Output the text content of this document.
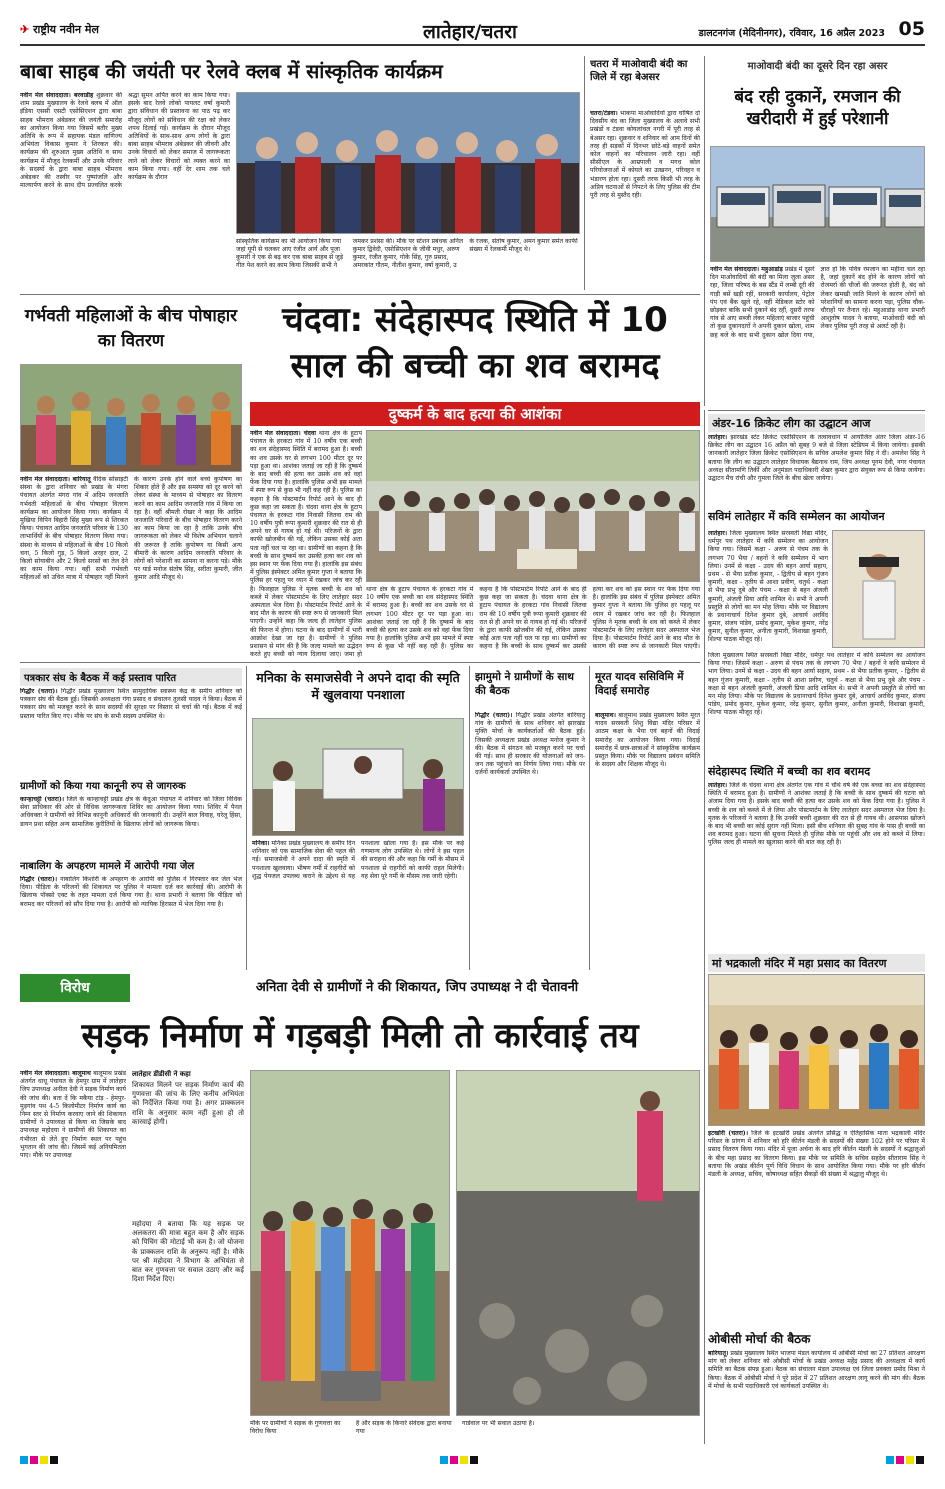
✈ राष्ट्रीय नवीन मेल	लातेहार/चतरा	डालटनगंज (मेदिनीनगर), रविवार, 16 अप्रैल 2023 05
बाबा साहब की जयंती पर रेलवे क्लब में सांस्कृतिक कार्यक्रम
नवीन मेल संवाददाता। बरवाडीह शुक्रवार की शाम प्रखंड मुख्यालय के रेलवे क्लब में ऑल इंडिया एससी एसटी एसोसिएशन द्वारा बाबा साहब भीमराव अंबेडकर की जयंती समारोह का आयोजन किया गया जिसमें बतौर मुख्य अतिथि के रूप में सहायक मंडल वाणिज्य अभियंता विकास कुमार ने शिरकत की। कार्यक्रम की शुरुआत मुख्य अतिथि व साथ कार्यक्रम में मौजूद रेलकर्मी और उनके परिवार के सदस्यों के द्वारा बाबा साहब भीमराव अंबेडकर की तस्वीर पर पुष्पांजलि और माल्यार्पण करने के साथ दीप प्रज्वलित करके श्रद्धा सुमन अर्पित करने का काम किया गया। इसके बाद रेलवे लोको पायलट वर्षा कुमारी द्वारा संविधान की प्रस्तावना का पाठ पढ़ कर मौजूद लोगों को संविधान की रक्षा को लेकर शपथ दिलाई गई। कार्यक्रम के दौरान मौजूद अतिथियों के साथ-साथ अन्य लोगों के द्वारा बाबा साहब भीमराव अंबेडकर की जीवनी और उनके विचारों को लेकर समाज में जागरूकता लाने को लेकर विचारों को व्यक्त करने का काम किया गया। वहीं देर शाम तक चले कार्यक्रम के दौरान
सांस्कृतिक कार्यक्रम का भी आयोजन किया गया जहां यूपी से चलकर आए रंजीत आर्य और पूजा कुमारी ने एक से बढ़ कर एक बाबा साहब से जुड़े गीत पेश करने का काम किया जिसकी सभी ने जमकर प्रशंसा की। मौके पर स्टेशन प्रबंधक अनिल कुमार द्विवेदी, एसोसिएशन के जीवी मधुर, अरुण कुमार, रंजीत कुमार, गोकेे सिंह, गुरु प्रसाद, अमरकांत गौतम, नीतीश कुमार, वर्षा कुमारी, उ के रजक, संतोष कुमार, अमन कुमार समेत काफी संख्या में रेलकर्मी मौजूद थे।
चतरा में माओवादी बंदी का जिले में रहा बेअसर
चतरा/टंडवा। भाकपा माओवादियों द्वारा घोषित दो दिवसीय बंद का जिला मुख्यालय के अलावे सभी प्रखंडों व टंडवा कोयलांचल नगरी में पूरी तरह से बेअसर रहा। शुक्रवार व शनिवार को आम दिनों की तरह ही सड़कों में दिनभर छोटे-बड़े वाहनों समेत कोल वाहनों का परिचालन जारी रहा। वहीं सीसीएल के आम्रपाली व मगध कोल परियोजनाओं में कोयले का उत्खनन, परिवहन व भंडारण होता रहा। दूसरी तरफ किसी भी तरह के अप्रिय घटनाओं से निपटने के लिए पुलिस की टीम पूरी तरह से मुस्तैद रही।
माओवादी बंदी का दूसरे दिन रहा असर
बंद रही दुकानें, रमजान की खरीदारी में हुई परेशानी
नवीन मेल संवाददाता। महुआडांड़ प्रखंड में दूसरे दिन माओवादियों की बंदी का मिला जुला असर रहा, जिला परिषद के बस स्टैंड में लम्बी दूरी की गाड़ी बसें खड़ी रहीं, सरकारी कार्यालय, पेट्रोल पंप एवं बैंक खुले रहे, वहीं मेडिकल स्टोर को छोड़कर बाकि सभी दुकानें बंद रहीं, दूसरी तरफ गांव से आए सब्जी लेकर महिलाएं बाजार पहुंची तो कुछ दुकानदारों ने अपनी दुकान खोला, शाम छह बजे के बाद सभी दुकान खोल दिया गया, ज्ञात हो कि पवित्र रमजान का महीना चल रहा है, जहां दुकानें बंद होने के कारण लोगों को रोजमर्रा की चीजों की जरूरत होती है, बंद को लेकर खमखी जाति मिलने के कारण लोगों को परेशानियों का सामना करना पड़ा, पुलिस चौक-चौराहों पर तैनात रहे। महुआडांड़ थाना प्रभारी आशुतोष यादव ने बताया, माओवादी बंदी को लेकर पुलिस पूरी तरह से अलर्ट रही है।
गर्भवती महिलाओं के बीच पोषाहार का वितरण
नवीन मेल संवाददाता। बारियातू वैदिक सोसाइटी संस्था के द्वारा शनिवार को प्रखंड के मंगरा पंचायत अंतर्गत मंगरा गांव में अदिम जनजाति गर्भवती महिलाओं के बीच पोषाहार वितरण कार्यक्रम का आयोजन किया गया। कार्यक्रम में मुखिया विपिन बिहारी सिंह मुख्य रूप से शिरकत किया। पंचायत आदिम जनजाति परिवार के 130 लाभार्थियों के बीच पोषाहार वितरण किया गया। संस्था के माध्यम से महिलाओं के बीच 10 किलो चना, 5 किलो गुड़, 5 किलो अरहर दाल, 2 किलो सोयाबीन और 2 किलो सरसों का तेल देने का काम किया गया। वहीं सभी गर्भवती महिलाओं को उचित मात्रा में पोषाहार नहीं मिलने के कारण उनके होने वाले बच्चे कुपोषण का शिकार होते हैं और इस समस्या को दूर करने को लेकर संस्था के माध्यम से पोषाहार का वितरण करने का काम आदिम जनजाति गांव में किया जा रहा है। वहीं श्रीमती रोखर ने कहा कि आदिम जनजाति परिवारों के बीच पोषाहार वितरण करने का काम किया जा रहा है ताकि उनके बीच जागरूकता को लेकर भी विशेष अभियान चलाने की जरूरत है ताकि कुपोषण या किसी अन्य बीमारी के कारण आदिम जनजाति परिवार के लोगों को परेशानी का सामना ना करना पड़े। मौके पर यार्ड मनोज संतोष सिंह, सरीता कुमारी, जीत कुमार आदि मौजूद थे।
चंदवा: संदेहास्पद स्थिति में 10 साल की बच्ची का शव बरामद
दुष्कर्म के बाद हत्या की आशंका
नवीन मेल संवाददाता। चंदवा थाना क्षेत्र के हुटाप पंचायत के हरकटा गांव में 10 वर्षीय एक बच्ची का शव संदेहास्पद स्थिति में बरामद हुआ है। बच्ची का शव उसके घर से लगभग 100 मीटर दूर पर पड़ा हुआ था। आशंका जताई जा रही है कि दुष्कर्म के बाद बच्ची की हत्या कर उसके शव को वहां फेंक दिया गया है। हालांकि पुलिस अभी इस मामले में स्पष्ट रूप से कुछ भी नहीं कह रही है। पुलिस का कहना है कि पोस्टमार्टम रिपोर्ट आने के बाद ही कुछ कहा जा सकता है। चंदवा थाना क्षेत्र के हुटाप पंचायत के हरकटा गांव निवासी जितवा राम की 10 वर्षीय पुत्री रूपा कुमारी शुक्रवार की रात से ही अपने घर से गायब हो गई थी। परिजनों के द्वारा काफी खोजबीन की गई, लेकिन उसका कोई अता पता नहीं चल पा रहा था। ग्रामीणों का कहना है कि बच्ची के साथ दुष्कर्म कर उसकी हत्या कर शव को इस स्थान पर फेंक दिया गया है। हालांकि इस संबंध में पुलिस इंस्पेक्टर अमित कुमार गुप्ता ने बताया कि पुलिस हर पहलू पर ध्यान में रखकर जांच कर रही है। फिलहाल पुलिस ने मृतक बच्ची के शव को कब्जे में लेकर पोस्टमार्टम के लिए लातेहार सदर अस्पताल भेज दिया है। पोस्टमार्टम रिपोर्ट आने के बाद मौत के कारण की स्पष्ट रूप से जानकारी मिल पाएगी। उन्होंने कहा कि जल्द ही लातेहार पुलिस की फिरन्त में होगा। घटना के बाद ग्रामीणों में भारी आक्रोश देखा जा रहा है। ग्रामीणों ने पुलिस प्रशासन से मांग की है कि जल्द मामले का उद्भेदन करते हुए बच्ची को न्याय दिलाया जाए। जमा हो
थाना क्षेत्र के हुटाप पंचायत के हरकटा गांव में 10 वर्षीय एक बच्ची का शव संदेहास्पद स्थिति में बरामद हुआ है। बच्ची का शव उसके घर से लगभग 100 मीटर दूर पर पड़ा हुआ था। आशंका जताई जा रही है कि दुष्कर्म के बाद बच्ची की हत्या कर उसके शव को वहां फेंक दिया गया है। हालांकि पुलिस अभी इस मामले में स्पष्ट रूप से कुछ भी नहीं कह रही है। पुलिस का कहना है कि पोस्टमार्टम रिपोर्ट आने के बाद ही कुछ कहा जा सकता है। चंदवा थाना क्षेत्र के हुटाप पंचायत के हरकटा गांव निवासी जितवा राम की 10 वर्षीय पुत्री रूपा कुमारी शुक्रवार की रात से ही अपने घर से गायब हो गई थी। परिजनों के द्वारा काफी खोजबीन की गई, लेकिन उसका कोई अता पता नहीं चल पा रहा था। ग्रामीणों का कहना है कि बच्ची के साथ दुष्कर्म कर उसकी हत्या कर शव को इस स्थान पर फेंक दिया गया है। हालांकि इस संबंध में पुलिस इंस्पेक्टर अमित कुमार गुप्ता ने बताया कि पुलिस हर पहलू पर ध्यान में रखकर जांच कर रही है। फिलहाल पुलिस ने मृतक बच्ची के शव को कब्जे में लेकर पोस्टमार्टम के लिए लातेहार सदर अस्पताल भेज दिया है। पोस्टमार्टम रिपोर्ट आने के बाद मौत के कारण की स्पष्ट रूप से जानकारी मिल पाएगी।
अंडर-16 क्रिकेट लीग का उद्घाटन आज
लातेहार। झारखंड स्टेट क्रिकेट एसोसिएशन के तत्वावधान में आयोजित अंतर जिला अंडर-16 क्रिकेट लीग का उद्घाटन 16 अप्रैल को सुबह 9 बजे से जिला स्टेडियम में किया जायेगा। इसकी जानकारी लातेहार जिला क्रिकेट एसोसिएशन के सचिव अमलेश कुमार सिंह ने दी। अमलेश सिंह ने बताया कि लीग का उद्घाटन लातेहार विधायक बैद्यनाथ राम, जिप अध्यक्ष पूनम देवी, नगर पंचायत अध्यक्ष सीतामणि तिर्की और अनुमंडल पदाधिकारी शेखर कुमार द्वारा संयुक्त रूप से किया जायेगा। उद्घाटन मैच रांची और गुमला जिले के बीच खेला जायेगा।
सविमं लातेहार में कवि सम्मेलन का आयोजन
लातेहार। जिला मुख्यालय स्थित सरस्वती विद्या मंदिर, धर्मपुर पथ लातेहार में कवि सम्मेलन का आयोजन किया गया। जिसमें कक्षा - अरुण से पंचम तक के लगभग 70 भैया / बहनों ने कवि सम्मेलन में भाग लिया। उनमें से कक्षा - उदय की बहन आर्या सहाय, प्रथम - से भैया प्रतीक कुमार, - द्वितीय से बहन गुंजन कुमारी, कक्षा - तृतीय से आशा प्रवीण, चतुर्थ - कक्षा से भैया प्रभु दुबे और पंचम - कक्षा से बहन अंजली कुमारी, अंजली प्रिया आदि शामिल थे। सभी ने अपनी प्रस्तुति से लोगों का मन मोह लिया। मौके पर विद्यालय के प्रधानाचार्य दिनेश कुमार दुबे, आचार्य अरविंद कुमार, संजय पांडेय, प्रमोद कुमार, मुकेश कुमार, नरेंद्र कुमार, सुनील कुमार, अनीता कुमारी, विशाखा कुमारी, शिल्पा पाठक मौजूद रहे।
जिला मुख्यालय स्थित सरस्वती विद्या मंदिर, धर्मपुर पथ लातेहार में कवि सम्मेलन का आयोजन किया गया। जिसमें कक्षा - अरुण से पंचम तक के लगभग 70 भैया / बहनों ने कवि सम्मेलन में भाग लिया। उनमें से कक्षा - उदय की बहन आर्या सहाय, प्रथम - से भैया प्रतीक कुमार, - द्वितीय से बहन गुंजन कुमारी, कक्षा - तृतीय से आशा प्रवीण, चतुर्थ - कक्षा से भैया प्रभु दुबे और पंचम - कक्षा से बहन अंजली कुमारी, अंजली प्रिया आदि शामिल थे। सभी ने अपनी प्रस्तुति से लोगों का मन मोह लिया। मौके पर विद्यालय के प्रधानाचार्य दिनेश कुमार दुबे, आचार्य अरविंद कुमार, संजय पांडेय, प्रमोद कुमार, मुकेश कुमार, नरेंद्र कुमार, सुनील कुमार, अनीता कुमारी, विशाखा कुमारी, शिल्पा पाठक मौजूद रहे।
संदेहास्पद स्थिति में बच्ची का शव बरामद
लातेहार। जिले के चंदवा थाना क्षेत्र अंतर्गत एक गांव में चौथे वर्ष की एक बच्चा का शव संदेहास्पद स्थिति में बरामद हुआ है। ग्रामीणों ने आशंका जताई है कि बच्ची के साथ दुष्कर्म की घटना को अंजाम दिया गया है। इसके बाद बच्ची की हत्या कर उसके शव को फेंक दिया गया है। पुलिस ने बच्ची के शव को कब्जे में ले लिया और पोस्टमार्टम के लिए लातेहार सदर अस्पताल भेज दिया है। मृतक के परिजनों ने बताया है कि उनकी बच्ची शुक्रवार की रात से ही गायब थी। आसपास खोजने के बाद भी बच्ची का कोई सुराग नहीं मिला। इसी बीच शनिवार की सुबह गांव के पास ही बच्ची का शव बरामद हुआ। घटना की सूचना मिलते ही पुलिस मौके पर पहुंची और शव को कब्जे में लिया। पुलिस जल्द ही मामले का खुलासा करने की बात कह रही है।
मां भद्रकाली मंदिर में महा प्रसाद का वितरण
इटखोरी (चतरा)। जिले के इटखोरी प्रखंड अंतर्गत प्रसिद्ध व ऐतिहासिक माता भद्रकाली मंदिर परिसर के प्रांगण में शनिवार को हरि कीर्तन मंडली के सदस्यों की संख्या 102 होने पर परिसर में प्रसाद वितरण किया गया। मंदिर में पूजा अर्चना के बाद हरि कीर्तन मंडली के सदस्यों ने श्रद्धालुओं के बीच महा प्रसाद का वितरण किया। इस मौके पर समिति के सचिव सहदेव सीताराम सिंह ने बताया कि अखंड कीर्तन पूर्ण विधि विधान के साथ आयोजित किया गया। मौके पर हरि कीर्तन मंडली के अध्यक्ष, सचिव, कोषाध्यक्ष सहित सैकड़ों की संख्या में श्रद्धालु मौजूद थे।
ओबीसी मोर्चा की बैठक
बारियातू। प्रखंड मुख्यालय स्थित भाजपा मंडल कार्यालय में ओबीसी मोर्चा का 27 प्रतिशत आरक्षण मांग को लेकर शनिवार को ओबीसी मोर्चा के प्रखंड अध्यक्ष महेंद्र प्रसाद की अध्यक्षता में कार्य समिति का बैठक संपन्न हुआ। बैठक का संचालन मंडल उपाध्यक्ष एवं जिला प्रवक्ता प्रमोद मिश्रा ने किया। बैठक में ओबीसी मोर्चा ने पूरे प्रदेश में 27 प्रतिशत आरक्षण लागू करने की मांग की। बैठक में मोर्चा के सभी पदाधिकारी एवं कार्यकर्ता उपस्थित थे।
पत्रकार संघ के बैठक में कई प्रस्ताव पारित
गिद्धौर (चतरा)। गिद्धौर प्रखंड मुख्यालय स्थित सामुदायिक स्वास्थ्य केंद्र के समीप शनिवार को पत्रकार संघ की बैठक हुई। जिसकी अध्यक्षता गंगा प्रसाद व संचालन तुलसी यादव ने किया। बैठक में पत्रकार संघ को मजबूत करने के साथ सदस्यों की सुरक्षा पर विस्तार से चर्चा की गई। बैठक में कई प्रस्ताव पारित किए गए। मौके पर संघ के सभी सदस्य उपस्थित थे।
ग्रामीणों को किया गया कानूनी रुप से जागरुक
कान्हाचट्टी (चतरा)। जिले के कान्हाचट्टी प्रखंड क्षेत्र के केंदुआ पंचायत में शनिवार को जिला विधिक सेवा प्राधिकार की ओर से विधिक जागरूकता शिविर का आयोजन किया गया। शिविर में पैनल अधिवक्ता ने ग्रामीणों को विभिन्न कानूनी अधिकारों की जानकारी दी। उन्होंने बाल विवाह, घरेलू हिंसा, डायन प्रथा सहित अन्य सामाजिक कुरीतियों के खिलाफ लोगों को जागरूक किया।
नाबालिग के अपहरण मामले में आरोपी गया जेल
गिद्धौर (चतरा)। नाबालिग किशोरी के अपहरण के आरोपी को पुलिस ने गिरफ्तार कर जेल भेज दिया। पीड़िता के परिजनों की शिकायत पर पुलिस ने मामला दर्ज कर कार्रवाई की। आरोपी के खिलाफ पॉक्सो एक्ट के तहत मामला दर्ज किया गया है। थाना प्रभारी ने बताया कि पीड़िता को बरामद कर परिजनों को सौंप दिया गया है। आरोपी को न्यायिक हिरासत में भेज दिया गया है।
मनिका के समाजसेवी ने अपने दादा की स्मृति में खुलवाया पनशाला
मनिका। मनिका प्रखंड मुख्यालय के समीप दिन शनिवार को एक सामाजिक सेवा की पहल की गई। समाजसेवी ने अपने दादा की स्मृति में पनशाला खुलवाया। भीषण गर्मी में राहगीरों को शुद्ध पेयजल उपलब्ध कराने के उद्देश्य से यह पनशाला खोला गया है। इस मौके पर कई गणमान्य लोग उपस्थित थे। लोगों ने इस पहल की सराहना की और कहा कि गर्मी के मौसम में पनशाला से राहगीरों को काफी राहत मिलेगी। यह सेवा पूरे गर्मी के मौसम तक जारी रहेगी।
झामुमो ने ग्रामीणों के साथ की बैठक
गिद्धौर (चतरा)। गिद्धौर प्रखंड अंतर्गत बारियातू गांव के ग्रामीणों के साथ शनिवार को झारखंड मुक्ति मोर्चा के कार्यकर्ताओं की बैठक हुई। जिसकी अध्यक्षता प्रखंड अध्यक्ष मनोज कुमार ने की। बैठक में संगठन को मजबूत करने पर चर्चा की गई। साथ ही सरकार की योजनाओं को जन-जन तक पहुंचाने का निर्णय लिया गया। मौके पर दर्जनों कार्यकर्ता उपस्थित थे।
मूरत यादव ससिविमि में विदाई समारोह
बालूमाथ। बालूमाथ प्रखंड मुख्यालय स्थित मूरत यादव सरस्वती शिशु विद्या मंदिर परिसर में आठम कक्षा के भैया एवं बहनों की विदाई समारोह का आयोजन किया गया। विदाई समारोह में छात्र-छात्राओं ने सांस्कृतिक कार्यक्रम प्रस्तुत किया। मौके पर विद्यालय प्रबंधन समिति के सदस्य और शिक्षक मौजूद थे।
विरोध	अनिता देवी से ग्रामीणों ने की शिकायत, जिप उपाध्यक्ष ने दी चेतावनी
सड़क निर्माण में गड़बड़ी मिली तो कार्रवाई तय
नवीन मेल संवाददाता। बालूमाथ बालूमाथ प्रखंड अंतर्गत धाधू पंचायत के हेमपुर ग्राम में लातेहार जिप उपाध्यक्ष अनीता देवी ने सड़क निर्माण कार्य की जांच की। बता दें कि मकैया टांड़ - हेमपुर- मुड़गांव पथ 4-5 किलोमीटर निर्माण कार्य का निम्न स्तर से निर्माण करवाए जाने की शिकायत ग्रामीणों ने उपाध्यक्ष से किया था जिसके बाद उपाध्यक्ष महोदया ने ग्रामीणों की शिकायत का गंभीरता से लेते हुए निर्माण स्थल पर पहुंच भुगतान की जांच की। जिसमें कई अनियमितता पाए। मौके पर उपाध्यक्ष
लातेहार डीडीसी ने कहा
शिकायत मिलने पर सड़क निर्माण कार्य की गुणवत्ता की जांच के लिए कनीय अभियंता को निर्देशित किया गया है। अगर प्राक्कलन राशि के अनुसार काम नहीं हुआ हो तो कारवाई होगी।
महोदया ने बताया कि यह सड़क पर अलकतरा की मात्रा बहुत कम है और सड़क को पिचिंग की मोटाई भी कम है। जो योजना के प्राक्कलन राशि के अनुरूप नहीं है। मौके पर श्री महोदया ने विभाग के अभियंता से बात कर गुणवत्ता पर सवाल उठाए और कई दिशा निर्देश दिए।
मौके पर ग्रामीणों ने सड़क के गुणवत्ता का विरोध किया
है और सड़क के किनारे संवेदक द्वारा बनाया गया
गार्डवाल पर भी सवाल उठाया है।
